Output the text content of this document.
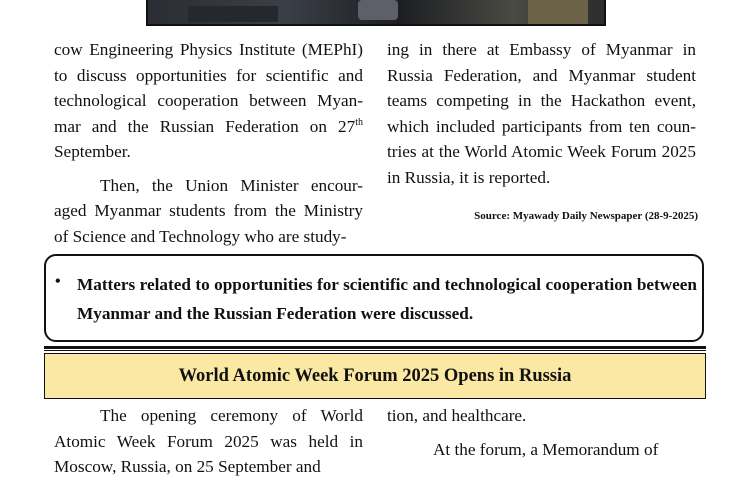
cow Engineering Physics Institute (MEPhI) to discuss opportunities for scientific and technological cooperation between Myan-mar and the Russian Federation on 27th September.

Then, the Union Minister encour-aged Myanmar students from the Ministry of Science and Technology who are study-

ing in there at Embassy of Myanmar in Russia Federation, and Myanmar student teams competing in the Hackathon event, which included participants from ten coun-tries at the World Atomic Week Forum 2025 in Russia, it is reported.

Source: Myawady Daily Newspaper (28-9-2025)
• Matters related to opportunities for scientific and technological cooperation between Myanmar and the Russian Federation were discussed.
World Atomic Week Forum 2025 Opens in Russia

The opening ceremony of World Atomic Week Forum 2025 was held in Moscow, Russia, on 25 September and

tion, and healthcare.

At the forum, a Memorandum of
